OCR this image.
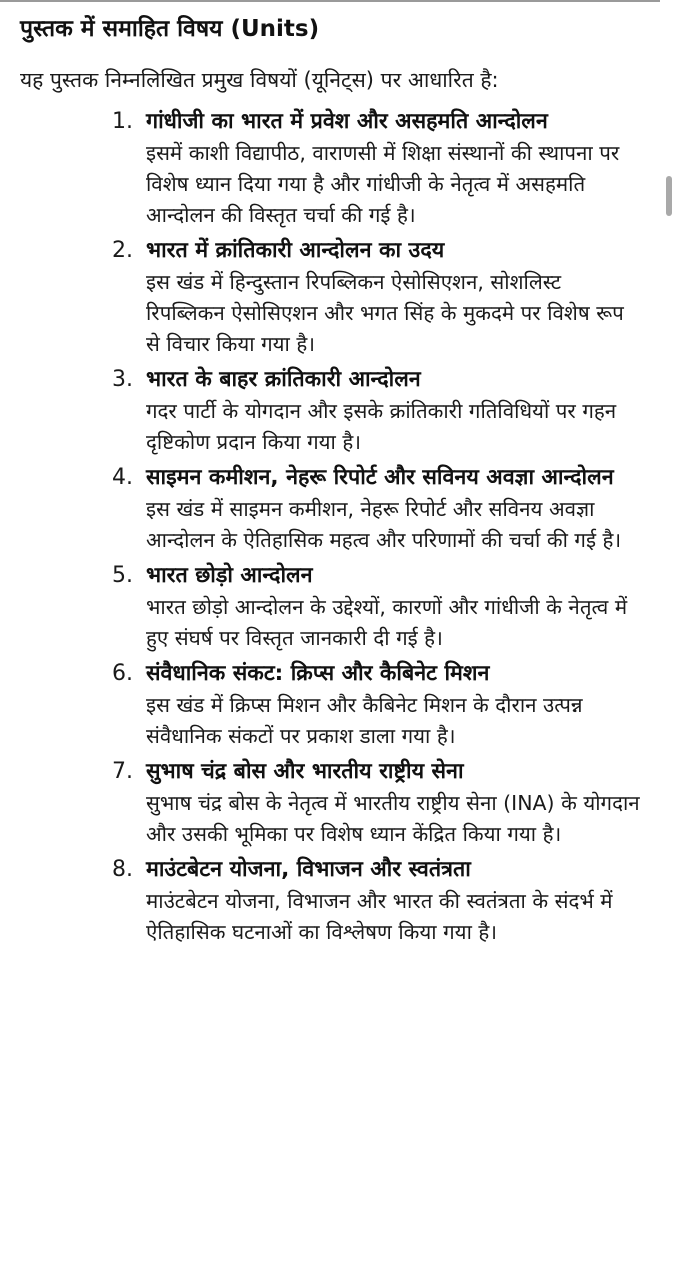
पुस्तक में समाहित विषय (Units)
यह पुस्तक निम्नलिखित प्रमुख विषयों (यूनिट्स) पर आधारित है:
1. गांधीजी का भारत में प्रवेश और असहमति आन्दोलन
इसमें काशी विद्यापीठ, वाराणसी में शिक्षा संस्थानों की स्थापना पर विशेष ध्यान दिया गया है और गांधीजी के नेतृत्व में असहमति आन्दोलन की विस्तृत चर्चा की गई है।
2. भारत में क्रांतिकारी आन्दोलन का उदय
इस खंड में हिन्दुस्तान रिपब्लिकन ऐसोसिएशन, सोशलिस्ट रिपब्लिकन ऐसोसिएशन और भगत सिंह के मुकदमे पर विशेष रूप से विचार किया गया है।
3. भारत के बाहर क्रांतिकारी आन्दोलन
गदर पार्टी के योगदान और इसके क्रांतिकारी गतिविधियों पर गहन दृष्टिकोण प्रदान किया गया है।
4. साइमन कमीशन, नेहरू रिपोर्ट और सविनय अवज्ञा आन्दोलन
इस खंड में साइमन कमीशन, नेहरू रिपोर्ट और सविनय अवज्ञा आन्दोलन के ऐतिहासिक महत्व और परिणामों की चर्चा की गई है।
5. भारत छोड़ो आन्दोलन
भारत छोड़ो आन्दोलन के उद्देश्यों, कारणों और गांधीजी के नेतृत्व में हुए संघर्ष पर विस्तृत जानकारी दी गई है।
6. संवैधानिक संकट: क्रिप्स और कैबिनेट मिशन
इस खंड में क्रिप्स मिशन और कैबिनेट मिशन के दौरान उत्पन्न संवैधानिक संकटों पर प्रकाश डाला गया है।
7. सुभाष चंद्र बोस और भारतीय राष्ट्रीय सेना
सुभाष चंद्र बोस के नेतृत्व में भारतीय राष्ट्रीय सेना (INA) के योगदान और उसकी भूमिका पर विशेष ध्यान केंद्रित किया गया है।
8. माउंटबेटन योजना, विभाजन और स्वतंत्रता
माउंटबेटन योजना, विभाजन और भारत की स्वतंत्रता के संदर्भ में ऐतिहासिक घटनाओं का विश्लेषण किया गया है।
